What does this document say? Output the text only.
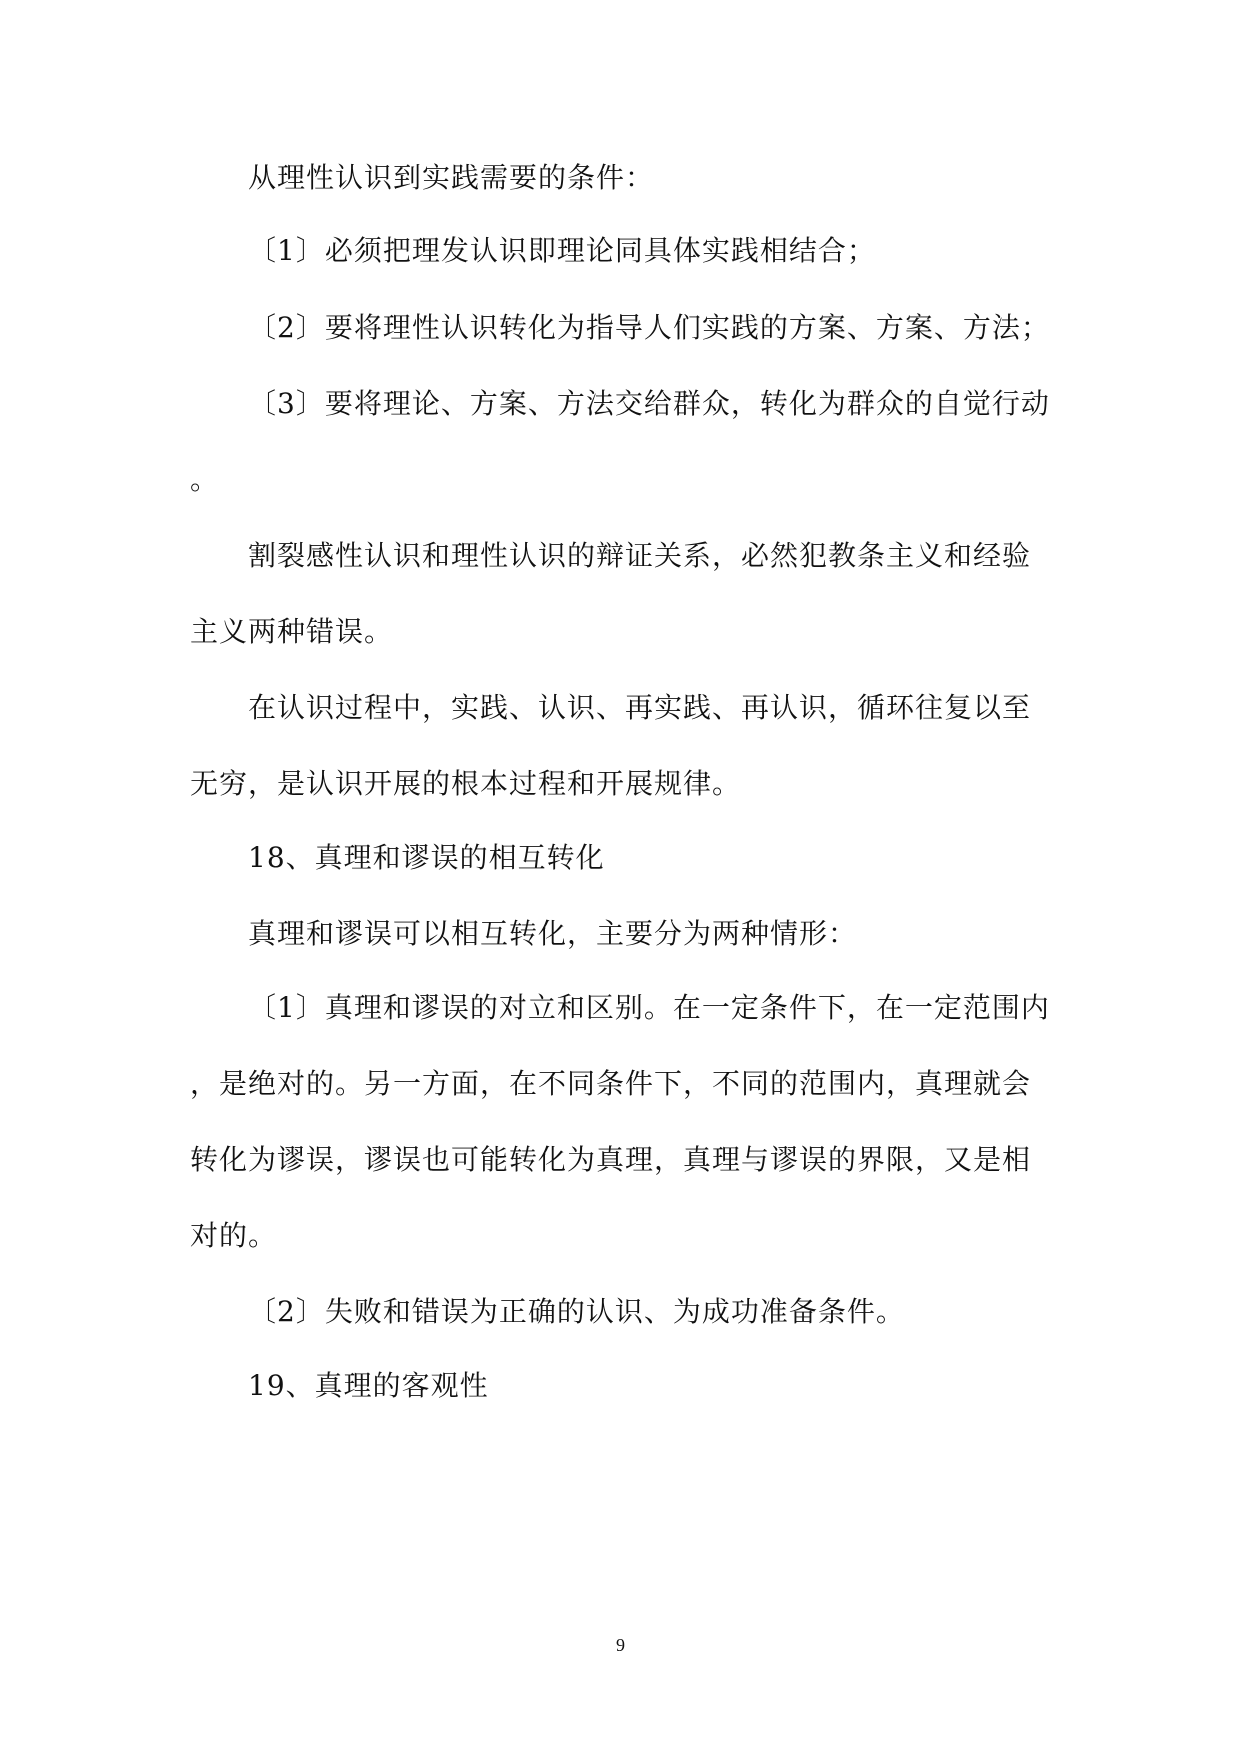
从理性认识到实践需要的条件：
〔1〕必须把理发认识即理论同具体实践相结合；
〔2〕要将理性认识转化为指导人们实践的方案、方案、方法；
〔3〕要将理论、方案、方法交给群众，转化为群众的自觉行动
。
割裂感性认识和理性认识的辩证关系，必然犯教条主义和经验
主义两种错误。
在认识过程中，实践、认识、再实践、再认识，循环往复以至
无穷，是认识开展的根本过程和开展规律。
18、真理和谬误的相互转化
真理和谬误可以相互转化，主要分为两种情形：
〔1〕真理和谬误的对立和区别。在一定条件下，在一定范围内
，是绝对的。另一方面，在不同条件下，不同的范围内，真理就会
转化为谬误，谬误也可能转化为真理，真理与谬误的界限，又是相
对的。
〔2〕失败和错误为正确的认识、为成功准备条件。
19、真理的客观性
9
